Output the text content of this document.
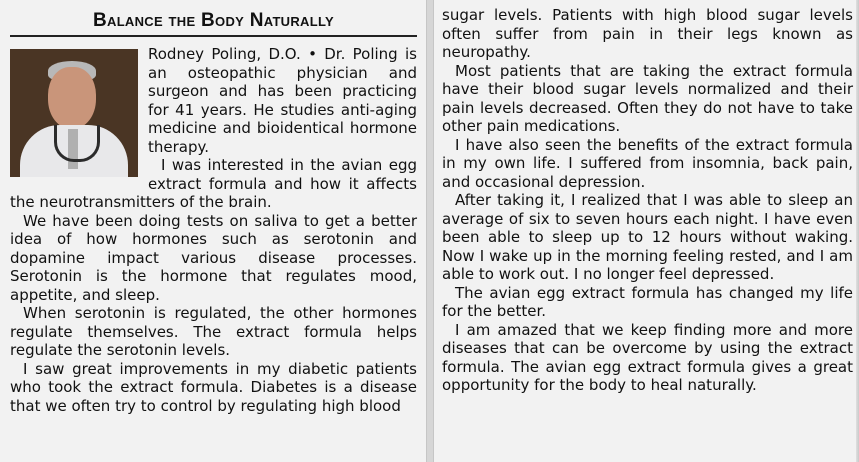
Balance the Body Naturally

Rodney Poling, D.O. • Dr. Poling is an osteopathic physician and surgeon and has been practicing for 41 years. He studies anti-aging medicine and bioidentical hormone therapy.

I was interested in the avian egg extract formula and how it affects the neurotransmitters of the brain.

We have been doing tests on saliva to get a better idea of how hormones such as serotonin and dopamine impact various disease processes. Serotonin is the hormone that regulates mood, appetite, and sleep.

When serotonin is regulated, the other hormones regulate themselves. The extract formula helps regulate the serotonin levels.

I saw great improvements in my diabetic patients who took the extract formula. Diabetes is a disease that we often try to control by regulating high blood

sugar levels. Patients with high blood sugar levels often suffer from pain in their legs known as neuropathy.

Most patients that are taking the extract formula have their blood sugar levels normalized and their pain levels decreased. Often they do not have to take other pain medications.

I have also seen the benefits of the extract formula in my own life. I suffered from insomnia, back pain, and occasional depression.

After taking it, I realized that I was able to sleep an average of six to seven hours each night. I have even been able to sleep up to 12 hours without waking. Now I wake up in the morning feeling rested, and I am able to work out. I no longer feel depressed.

The avian egg extract formula has changed my life for the better.

I am amazed that we keep finding more and more diseases that can be overcome by using the extract formula. The avian egg extract formula gives a great opportunity for the body to heal naturally.
